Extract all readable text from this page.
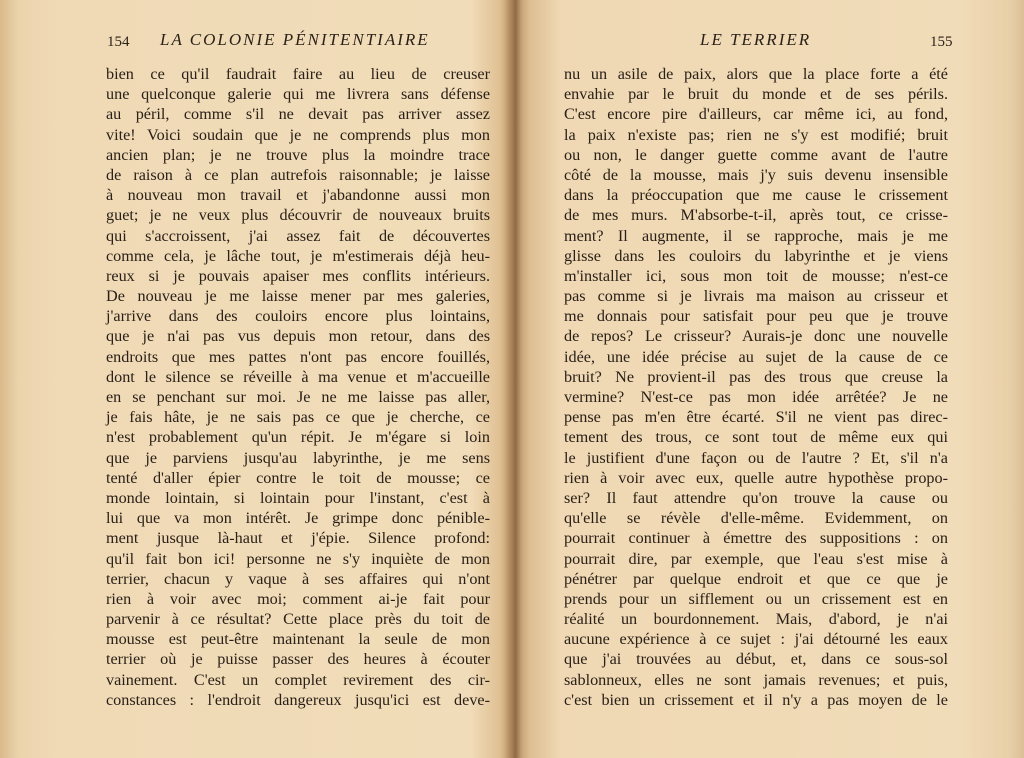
154 LA COLONIE PÉNITENTIAIRE
bien ce qu'il faudrait faire au lieu de creuser
une quelconque galerie qui me livrera sans défense
au péril, comme s'il ne devait pas arriver assez
vite! Voici soudain que je ne comprends plus mon
ancien plan; je ne trouve plus la moindre trace
de raison à ce plan autrefois raisonnable; je laisse
à nouveau mon travail et j'abandonne aussi mon
guet; je ne veux plus découvrir de nouveaux bruits
qui s'accroissent, j'ai assez fait de découvertes
comme cela, je lâche tout, je m'estimerais déjà heu-
reux si je pouvais apaiser mes conflits intérieurs.
De nouveau je me laisse mener par mes galeries,
j'arrive dans des couloirs encore plus lointains,
que je n'ai pas vus depuis mon retour, dans des
endroits que mes pattes n'ont pas encore fouillés,
dont le silence se réveille à ma venue et m'accueille
en se penchant sur moi. Je ne me laisse pas aller,
je fais hâte, je ne sais pas ce que je cherche, ce
n'est probablement qu'un répit. Je m'égare si loin
que je parviens jusqu'au labyrinthe, je me sens
tenté d'aller épier contre le toit de mousse; ce
monde lointain, si lointain pour l'instant, c'est à
lui que va mon intérêt. Je grimpe donc pénible-
ment jusque là-haut et j'épie. Silence profond:
qu'il fait bon ici! personne ne s'y inquiète de mon
terrier, chacun y vaque à ses affaires qui n'ont
rien à voir avec moi; comment ai-je fait pour
parvenir à ce résultat? Cette place près du toit de
mousse est peut-être maintenant la seule de mon
terrier où je puisse passer des heures à écouter
vainement. C'est un complet revirement des cir-
constances : l'endroit dangereux jusqu'ici est deve-
LE TERRIER	155
nu un asile de paix, alors que la place forte a été
envahie par le bruit du monde et de ses périls.
C'est encore pire d'ailleurs, car même ici, au fond,
la paix n'existe pas; rien ne s'y est modifié; bruit
ou non, le danger guette comme avant de l'autre
côté de la mousse, mais j'y suis devenu insensible
dans la préoccupation que me cause le crissement
de mes murs. M'absorbe-t-il, après tout, ce crisse-
ment? Il augmente, il se rapproche, mais je me
glisse dans les couloirs du labyrinthe et je viens
m'installer ici, sous mon toit de mousse; n'est-ce
pas comme si je livrais ma maison au crisseur et
me donnais pour satisfait pour peu que je trouve
de repos? Le crisseur? Aurais-je donc une nouvelle
idée, une idée précise au sujet de la cause de ce
bruit? Ne provient-il pas des trous que creuse la
vermine? N'est-ce pas mon idée arrêtée? Je ne
pense pas m'en être écarté. S'il ne vient pas direc-
tement des trous, ce sont tout de même eux qui
le justifient d'une façon ou de l'autre ? Et, s'il n'a
rien à voir avec eux, quelle autre hypothèse propo-
ser? Il faut attendre qu'on trouve la cause ou
qu'elle se révèle d'elle-même. Evidemment, on
pourrait continuer à émettre des suppositions : on
pourrait dire, par exemple, que l'eau s'est mise à
pénétrer par quelque endroit et que ce que je
prends pour un sifflement ou un crissement est en
réalité un bourdonnement. Mais, d'abord, je n'ai
aucune expérience à ce sujet : j'ai détourné les eaux
que j'ai trouvées au début, et, dans ce sous-sol
sablonneux, elles ne sont jamais revenues; et puis,
c'est bien un crissement et il n'y a pas moyen de le
